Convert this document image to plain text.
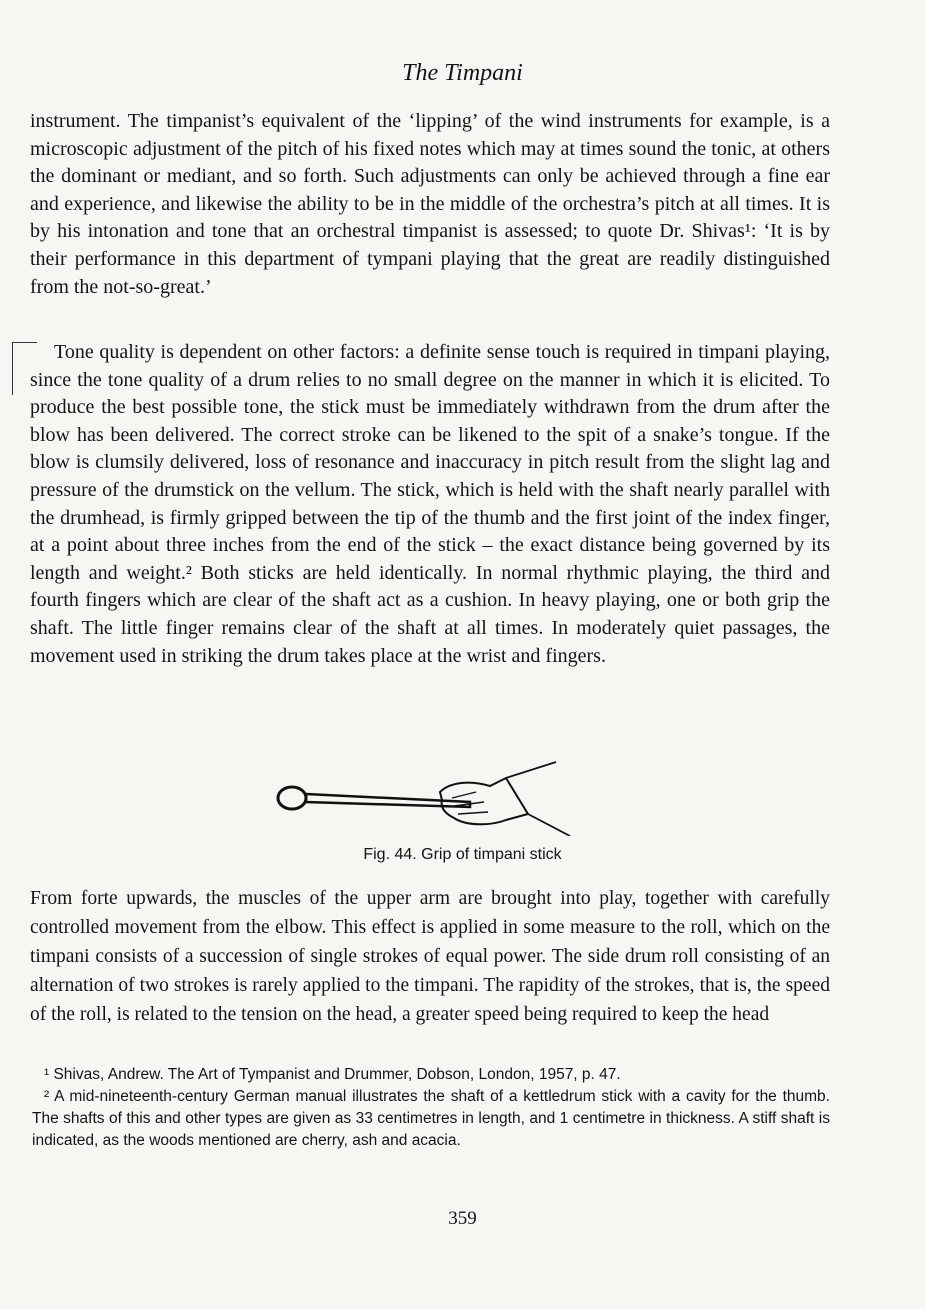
The Timpani

instrument. The timpanist’s equivalent of the ‘lipping’ of the wind instruments for example, is a microscopic adjustment of the pitch of his fixed notes which may at times sound the tonic, at others the dominant or mediant, and so forth. Such adjustments can only be achieved through a fine ear and experience, and likewise the ability to be in the middle of the orchestra’s pitch at all times. It is by his intonation and tone that an orchestral timpanist is assessed; to quote Dr. Shivas¹: ‘It is by their performance in this department of tympani playing that the great are readily distinguished from the not-so-great.’

Tone quality is dependent on other factors: a definite sense touch is required in timpani playing, since the tone quality of a drum relies to no small degree on the manner in which it is elicited. To produce the best possible tone, the stick must be immediately withdrawn from the drum after the blow has been delivered. The correct stroke can be likened to the spit of a snake’s tongue. If the blow is clumsily delivered, loss of resonance and inaccuracy in pitch result from the slight lag and pressure of the drumstick on the vellum. The stick, which is held with the shaft nearly parallel with the drumhead, is firmly gripped between the tip of the thumb and the first joint of the index finger, at a point about three inches from the end of the stick – the exact distance being governed by its length and weight.² Both sticks are held identically. In normal rhythmic playing, the third and fourth fingers which are clear of the shaft act as a cushion. In heavy playing, one or both grip the shaft. The little finger remains clear of the shaft at all times. In moderately quiet passages, the movement used in striking the drum takes place at the wrist and fingers.

Fig. 44. Grip of timpani stick

From forte upwards, the muscles of the upper arm are brought into play, together with carefully controlled movement from the elbow. This effect is applied in some measure to the roll, which on the timpani consists of a succession of single strokes of equal power. The side drum roll consisting of an alternation of two strokes is rarely applied to the timpani. The rapidity of the strokes, that is, the speed of the roll, is related to the tension on the head, a greater speed being required to keep the head

¹ Shivas, Andrew. The Art of Tympanist and Drummer, Dobson, London, 1957, p. 47.

² A mid-nineteenth-century German manual illustrates the shaft of a kettledrum stick with a cavity for the thumb. The shafts of this and other types are given as 33 centimetres in length, and 1 centimetre in thickness. A stiff shaft is indicated, as the woods mentioned are cherry, ash and acacia.

359
